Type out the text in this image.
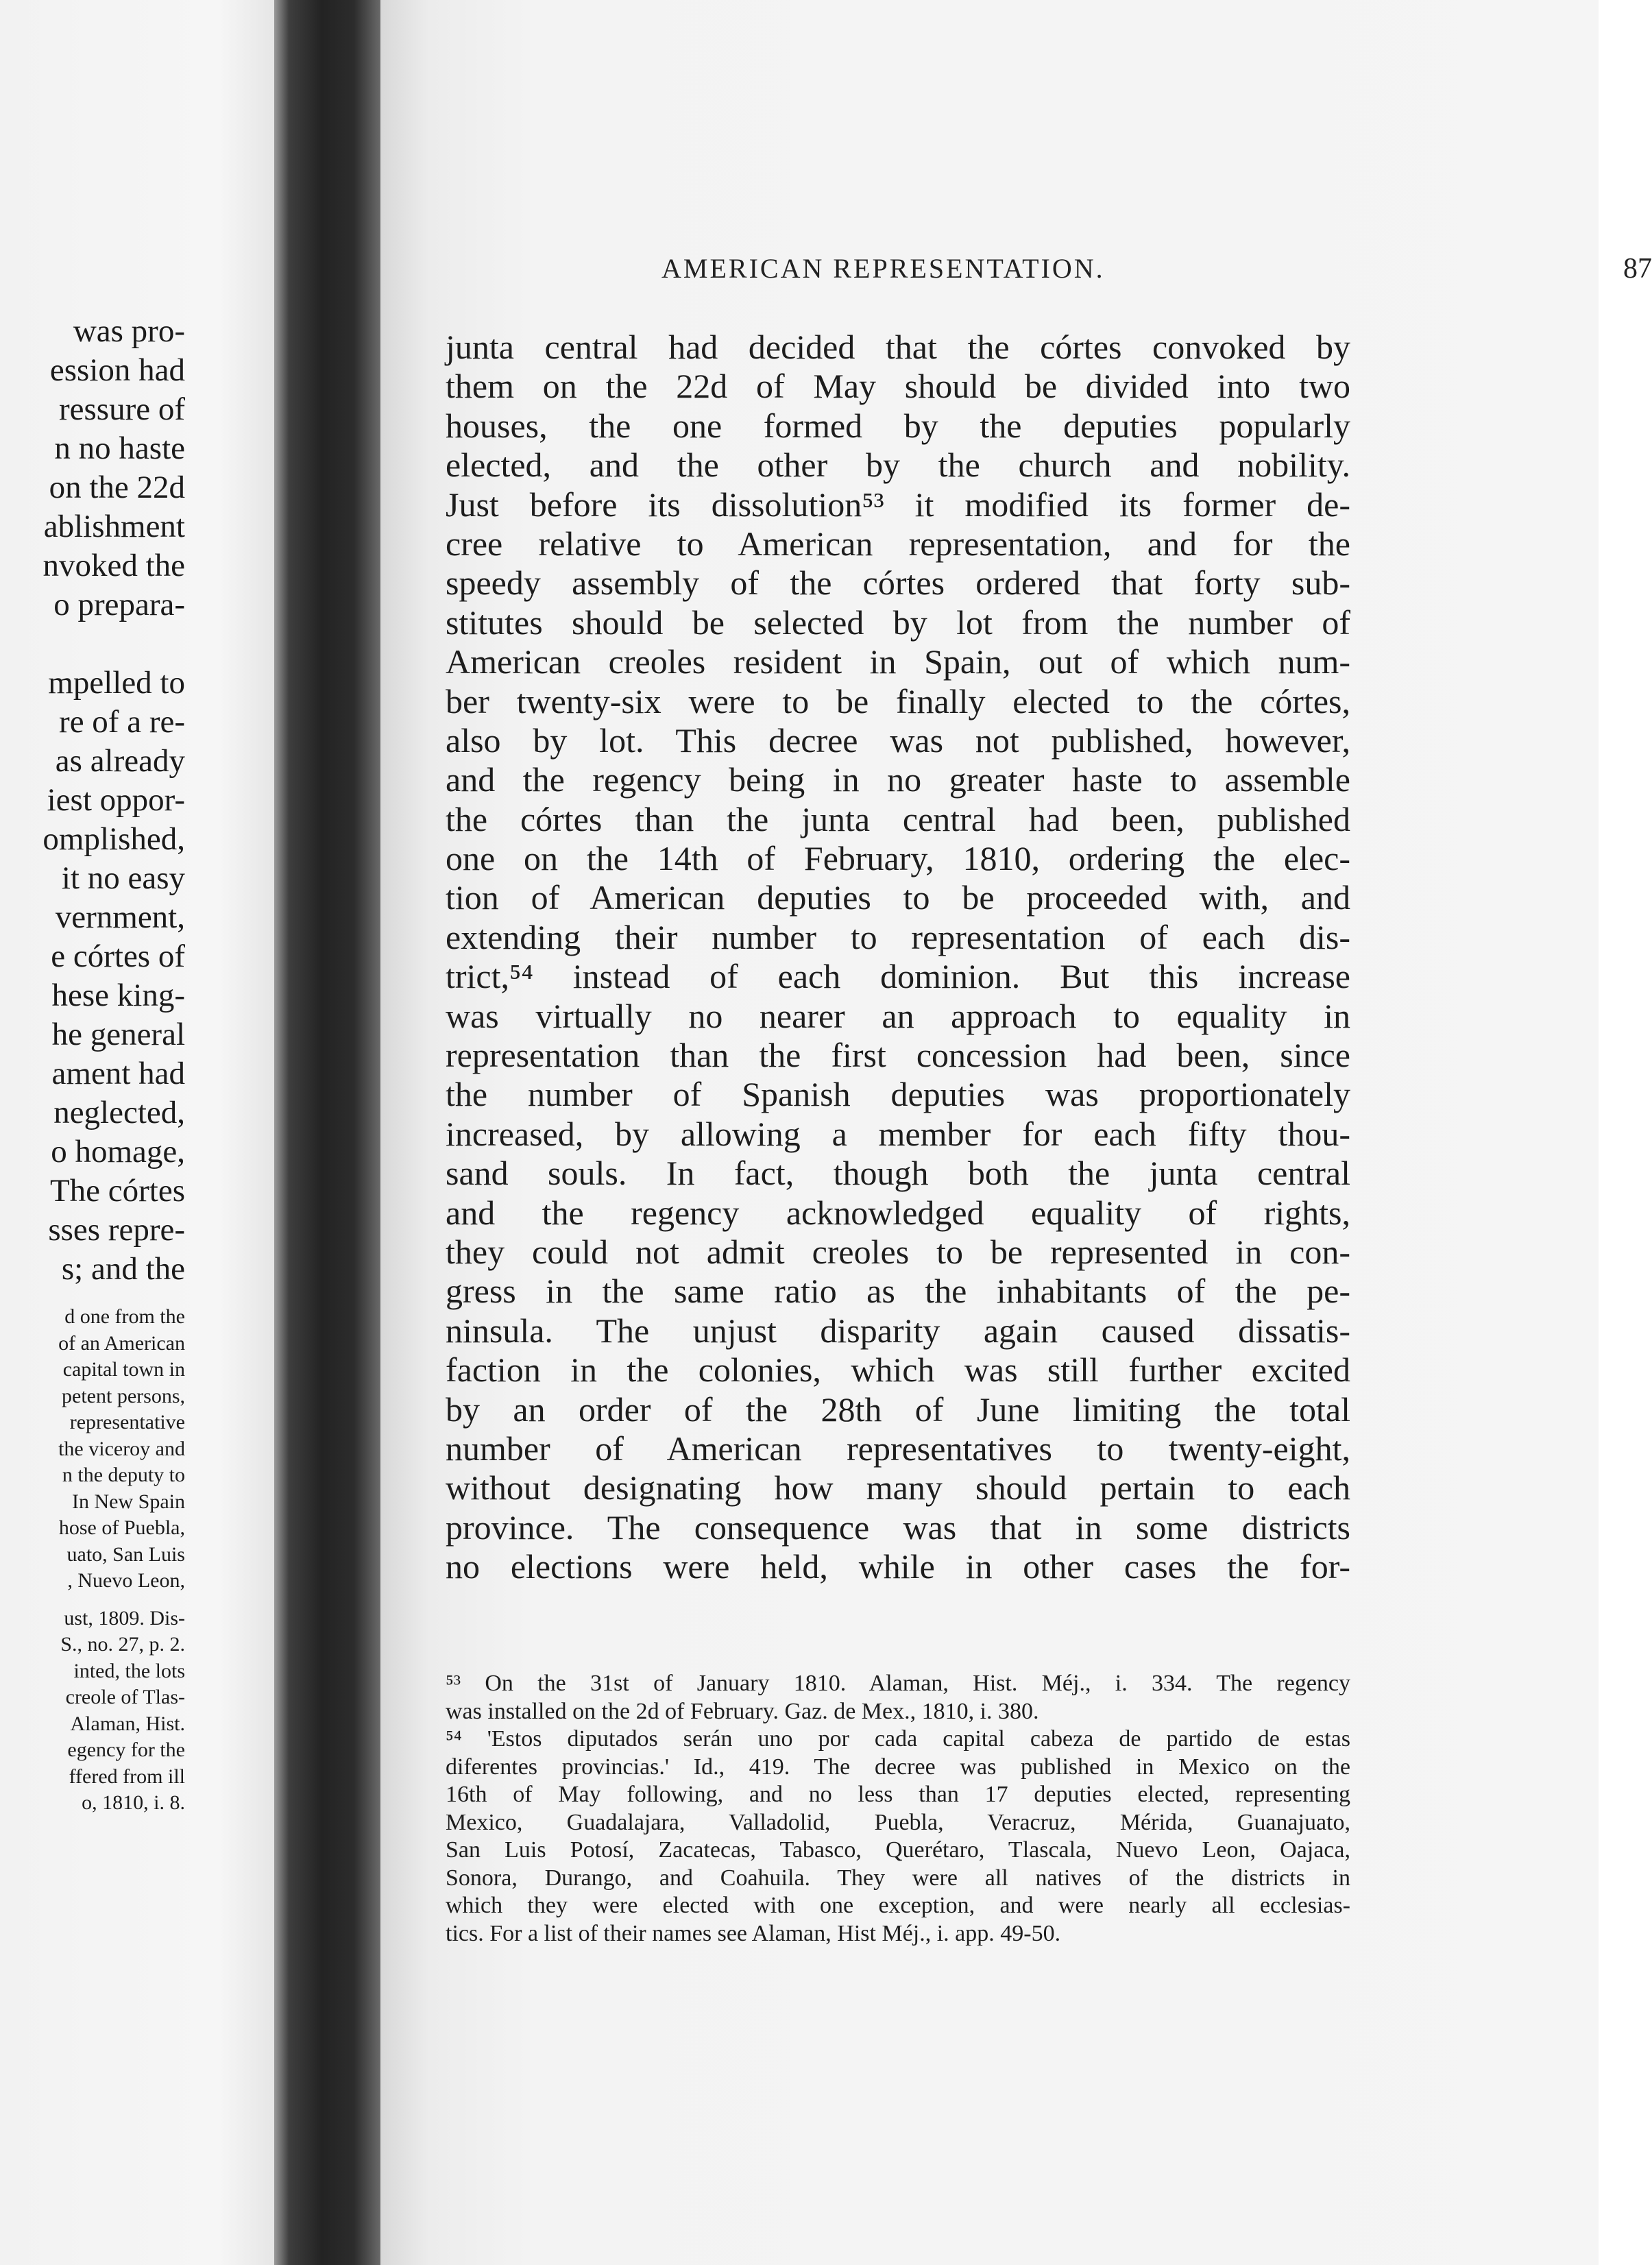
was pro-
ession had
ressure of
n no haste
on the 22d
ablishment
nvoked the
o prepara-
mpelled to
re of a re-
as already
iest oppor-
omplished,
it no easy
vernment,
e córtes of
hese king-
he general
ament had
neglected,
o homage,
The córtes
sses repre-
s; and the
d one from the
of an American
capital town in
petent persons,
representative
the viceroy and
n the deputy to
In New Spain
hose of Puebla,
uato, San Luis
, Nuevo Leon,
ust, 1809. Dis-
S., no. 27, p. 2.
inted, the lots
creole of Tlas-
Alaman, Hist.
egency for the
ffered from ill
o, 1810, i. 8.
AMERICAN REPRESENTATION.	87
junta central had decided that the córtes convoked by
them on the 22d of May should be divided into two
houses, the one formed by the deputies popularly
elected, and the other by the church and nobility.
Just before its dissolution⁵³ it modified its former de-
cree relative to American representation, and for the
speedy assembly of the córtes ordered that forty sub-
stitutes should be selected by lot from the number of
American creoles resident in Spain, out of which num-
ber twenty-six were to be finally elected to the córtes,
also by lot. This decree was not published, however,
and the regency being in no greater haste to assemble
the córtes than the junta central had been, published
one on the 14th of February, 1810, ordering the elec-
tion of American deputies to be proceeded with, and
extending their number to representation of each dis-
trict,⁵⁴ instead of each dominion. But this increase
was virtually no nearer an approach to equality in
representation than the first concession had been, since
the number of Spanish deputies was proportionately
increased, by allowing a member for each fifty thou-
sand souls. In fact, though both the junta central
and the regency acknowledged equality of rights,
they could not admit creoles to be represented in con-
gress in the same ratio as the inhabitants of the pe-
ninsula. The unjust disparity again caused dissatis-
faction in the colonies, which was still further excited
by an order of the 28th of June limiting the total
number of American representatives to twenty-eight,
without designating how many should pertain to each
province. The consequence was that in some districts
no elections were held, while in other cases the for-
⁵³ On the 31st of January 1810. Alaman, Hist. Méj., i. 334. The regency
was installed on the 2d of February. Gaz. de Mex., 1810, i. 380.
⁵⁴ 'Estos diputados serán uno por cada capital cabeza de partido de estas
diferentes provincias.' Id., 419. The decree was published in Mexico on the
16th of May following, and no less than 17 deputies elected, representing
Mexico, Guadalajara, Valladolid, Puebla, Veracruz, Mérida, Guanajuato,
San Luis Potosí, Zacatecas, Tabasco, Querétaro, Tlascala, Nuevo Leon, Oajaca,
Sonora, Durango, and Coahuila. They were all natives of the districts in
which they were elected with one exception, and were nearly all ecclesias-
tics. For a list of their names see Alaman, Hist Méj., i. app. 49-50.
